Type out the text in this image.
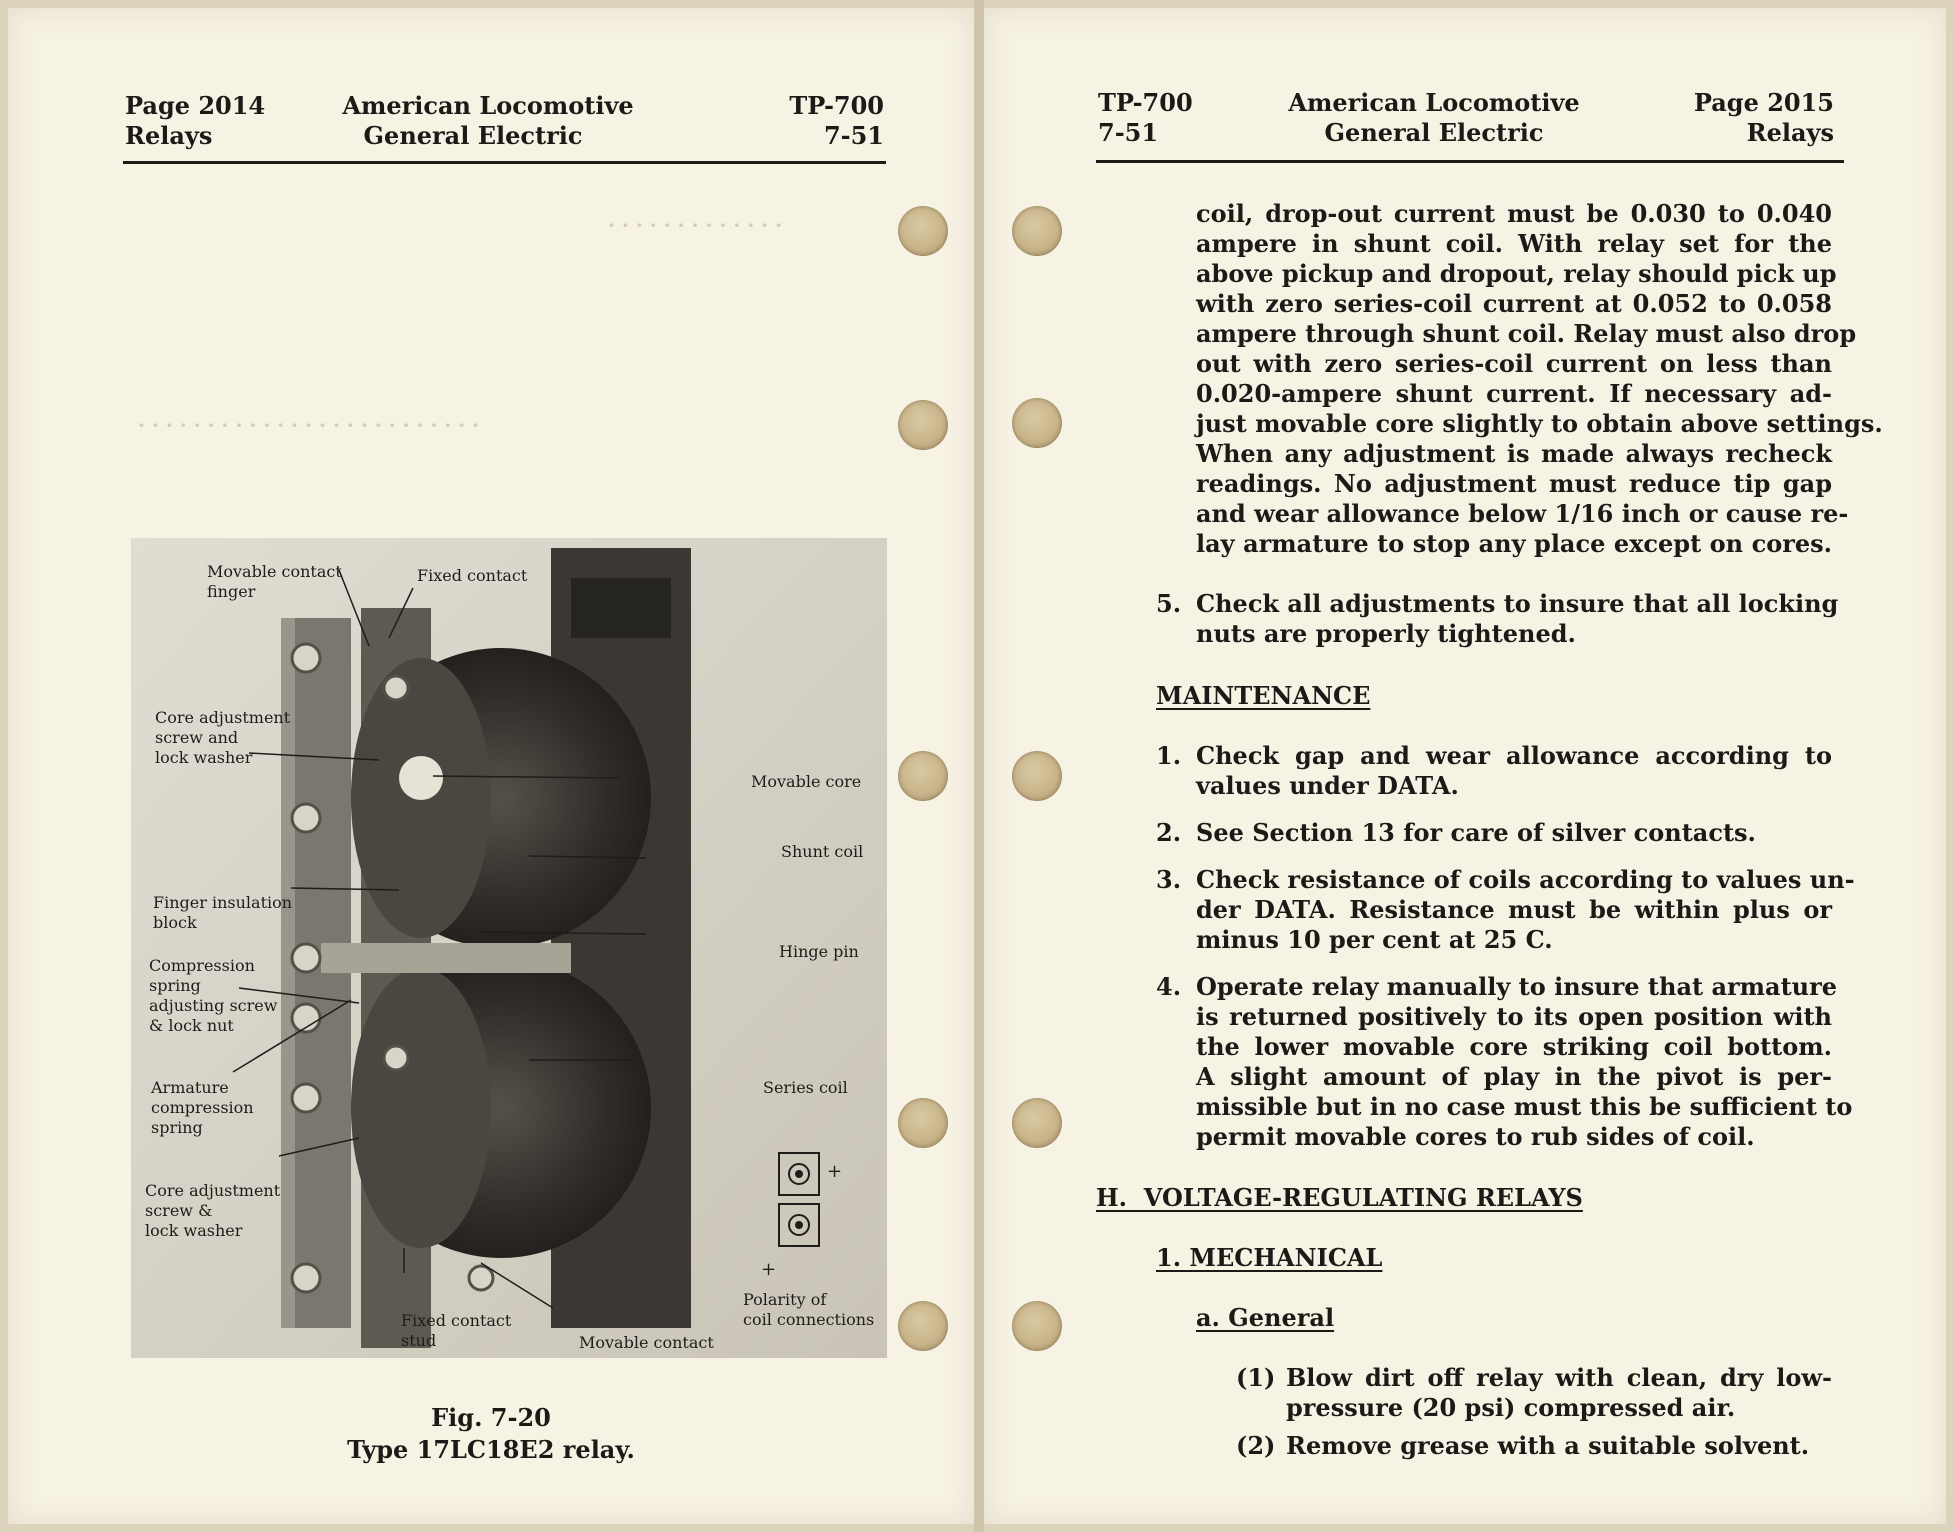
Page 2014
Relays
American Locomotive
General Electric
TP-700
7-51
· · · · · · · · · · · · ·
· · · · · · · · · · · · · · · · · · · · · · · · ·
Movable contact
finger
Fixed contact
Core adjustment
screw and
lock washer
Movable core
Shunt coil
Finger insulation
block
Hinge pin
Compression
spring
adjusting screw
& lock nut
Armature
compression
spring
Series coil
Core adjustment
screw &
lock washer
Fixed contact
stud	Movable contact
Polarity of
coil connections
+
+
Fig. 7-20
Type 17LC18E2 relay.
TP-700
7-51
American Locomotive
General Electric
Page 2015
Relays
coil, drop-out current must be 0.030 to 0.040
ampere in shunt coil. With relay set for the
above pickup and dropout, relay should pick up
with zero series-coil current at 0.052 to 0.058
ampere through shunt coil. Relay must also drop
out with zero series-coil current on less than
0.020-ampere shunt current. If necessary ad-
just movable core slightly to obtain above settings.
When any adjustment is made always recheck
readings. No adjustment must reduce tip gap
and wear allowance below 1/16 inch or cause re-
lay armature to stop any place except on cores.
5. Check all adjustments to insure that all locking
nuts are properly tightened.
MAINTENANCE
1. Check gap and wear allowance according to
values under DATA.
2. See Section 13 for care of silver contacts.
3. Check resistance of coils according to values un-
der DATA. Resistance must be within plus or
minus 10 per cent at 25 C.
4. Operate relay manually to insure that armature
is returned positively to its open position with
the lower movable core striking coil bottom.
A slight amount of play in the pivot is per-
missible but in no case must this be sufficient to
permit movable cores to rub sides of coil.
H.  VOLTAGE-REGULATING RELAYS
1. MECHANICAL
a. General
(1) Blow dirt off relay with clean, dry low-
pressure (20 psi) compressed air.
(2) Remove grease with a suitable solvent.
